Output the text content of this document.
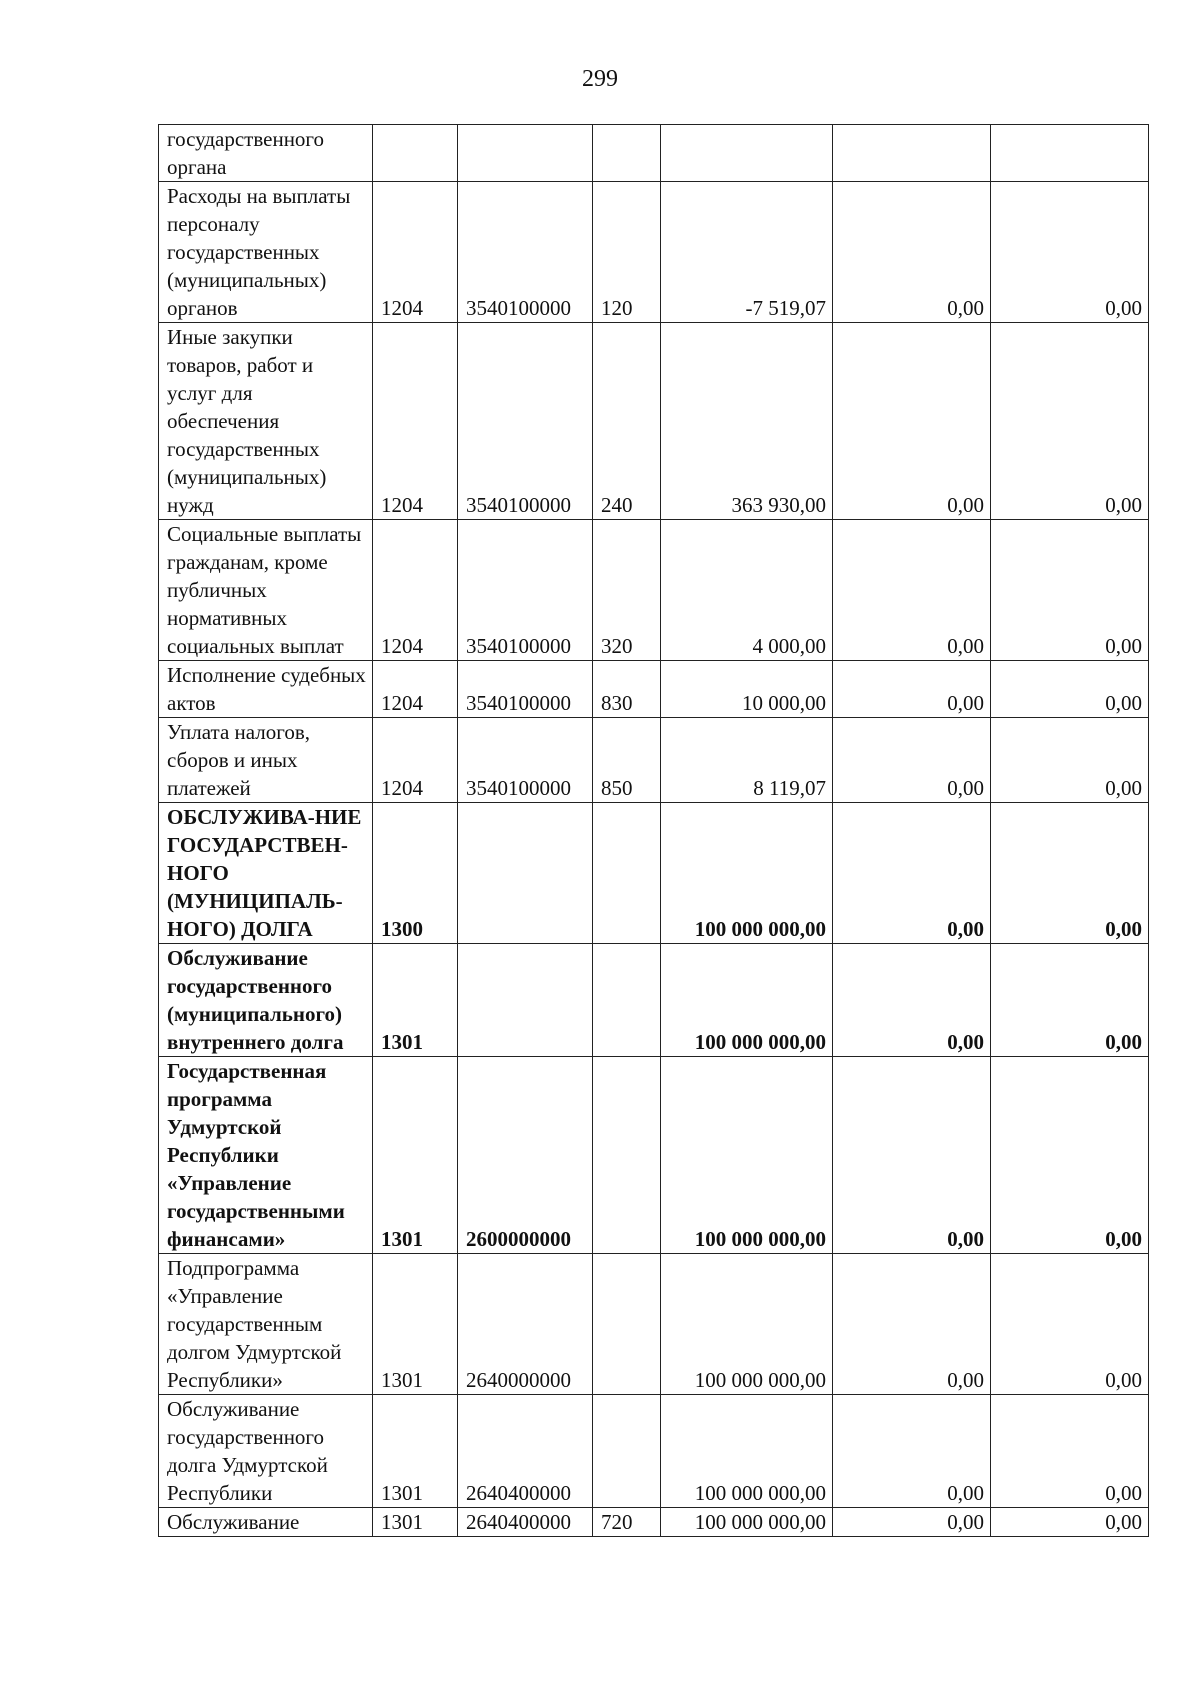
299
государственного органа						
Расходы на выплаты персоналу государственных (муниципальных) органов	1204	3540100000	120	-7 519,07	0,00	0,00
Иные закупки товаров, работ и услуг для обеспечения государственных (муниципальных) нужд	1204	3540100000	240	363 930,00	0,00	0,00
Социальные выплаты гражданам, кроме публичных нормативных социальных выплат	1204	3540100000	320	4 000,00	0,00	0,00
Исполнение судебных актов	1204	3540100000	830	10 000,00	0,00	0,00
Уплата налогов, сборов и иных платежей	1204	3540100000	850	8 119,07	0,00	0,00
ОБСЛУЖИВА-НИЕ ГОСУДАРСТВЕН-НОГО (МУНИЦИПАЛЬ-НОГО) ДОЛГА	1300			100 000 000,00	0,00	0,00
Обслуживание государственного (муниципального) внутреннего долга	1301			100 000 000,00	0,00	0,00
Государственная программа Удмуртской Республики «Управление государственными финансами»	1301	2600000000		100 000 000,00	0,00	0,00
Подпрограмма «Управление государственным долгом Удмуртской Республики»	1301	2640000000		100 000 000,00	0,00	0,00
Обслуживание государственного долга Удмуртской Республики	1301	2640400000		100 000 000,00	0,00	0,00
Обслуживание	1301	2640400000	720	100 000 000,00	0,00	0,00
